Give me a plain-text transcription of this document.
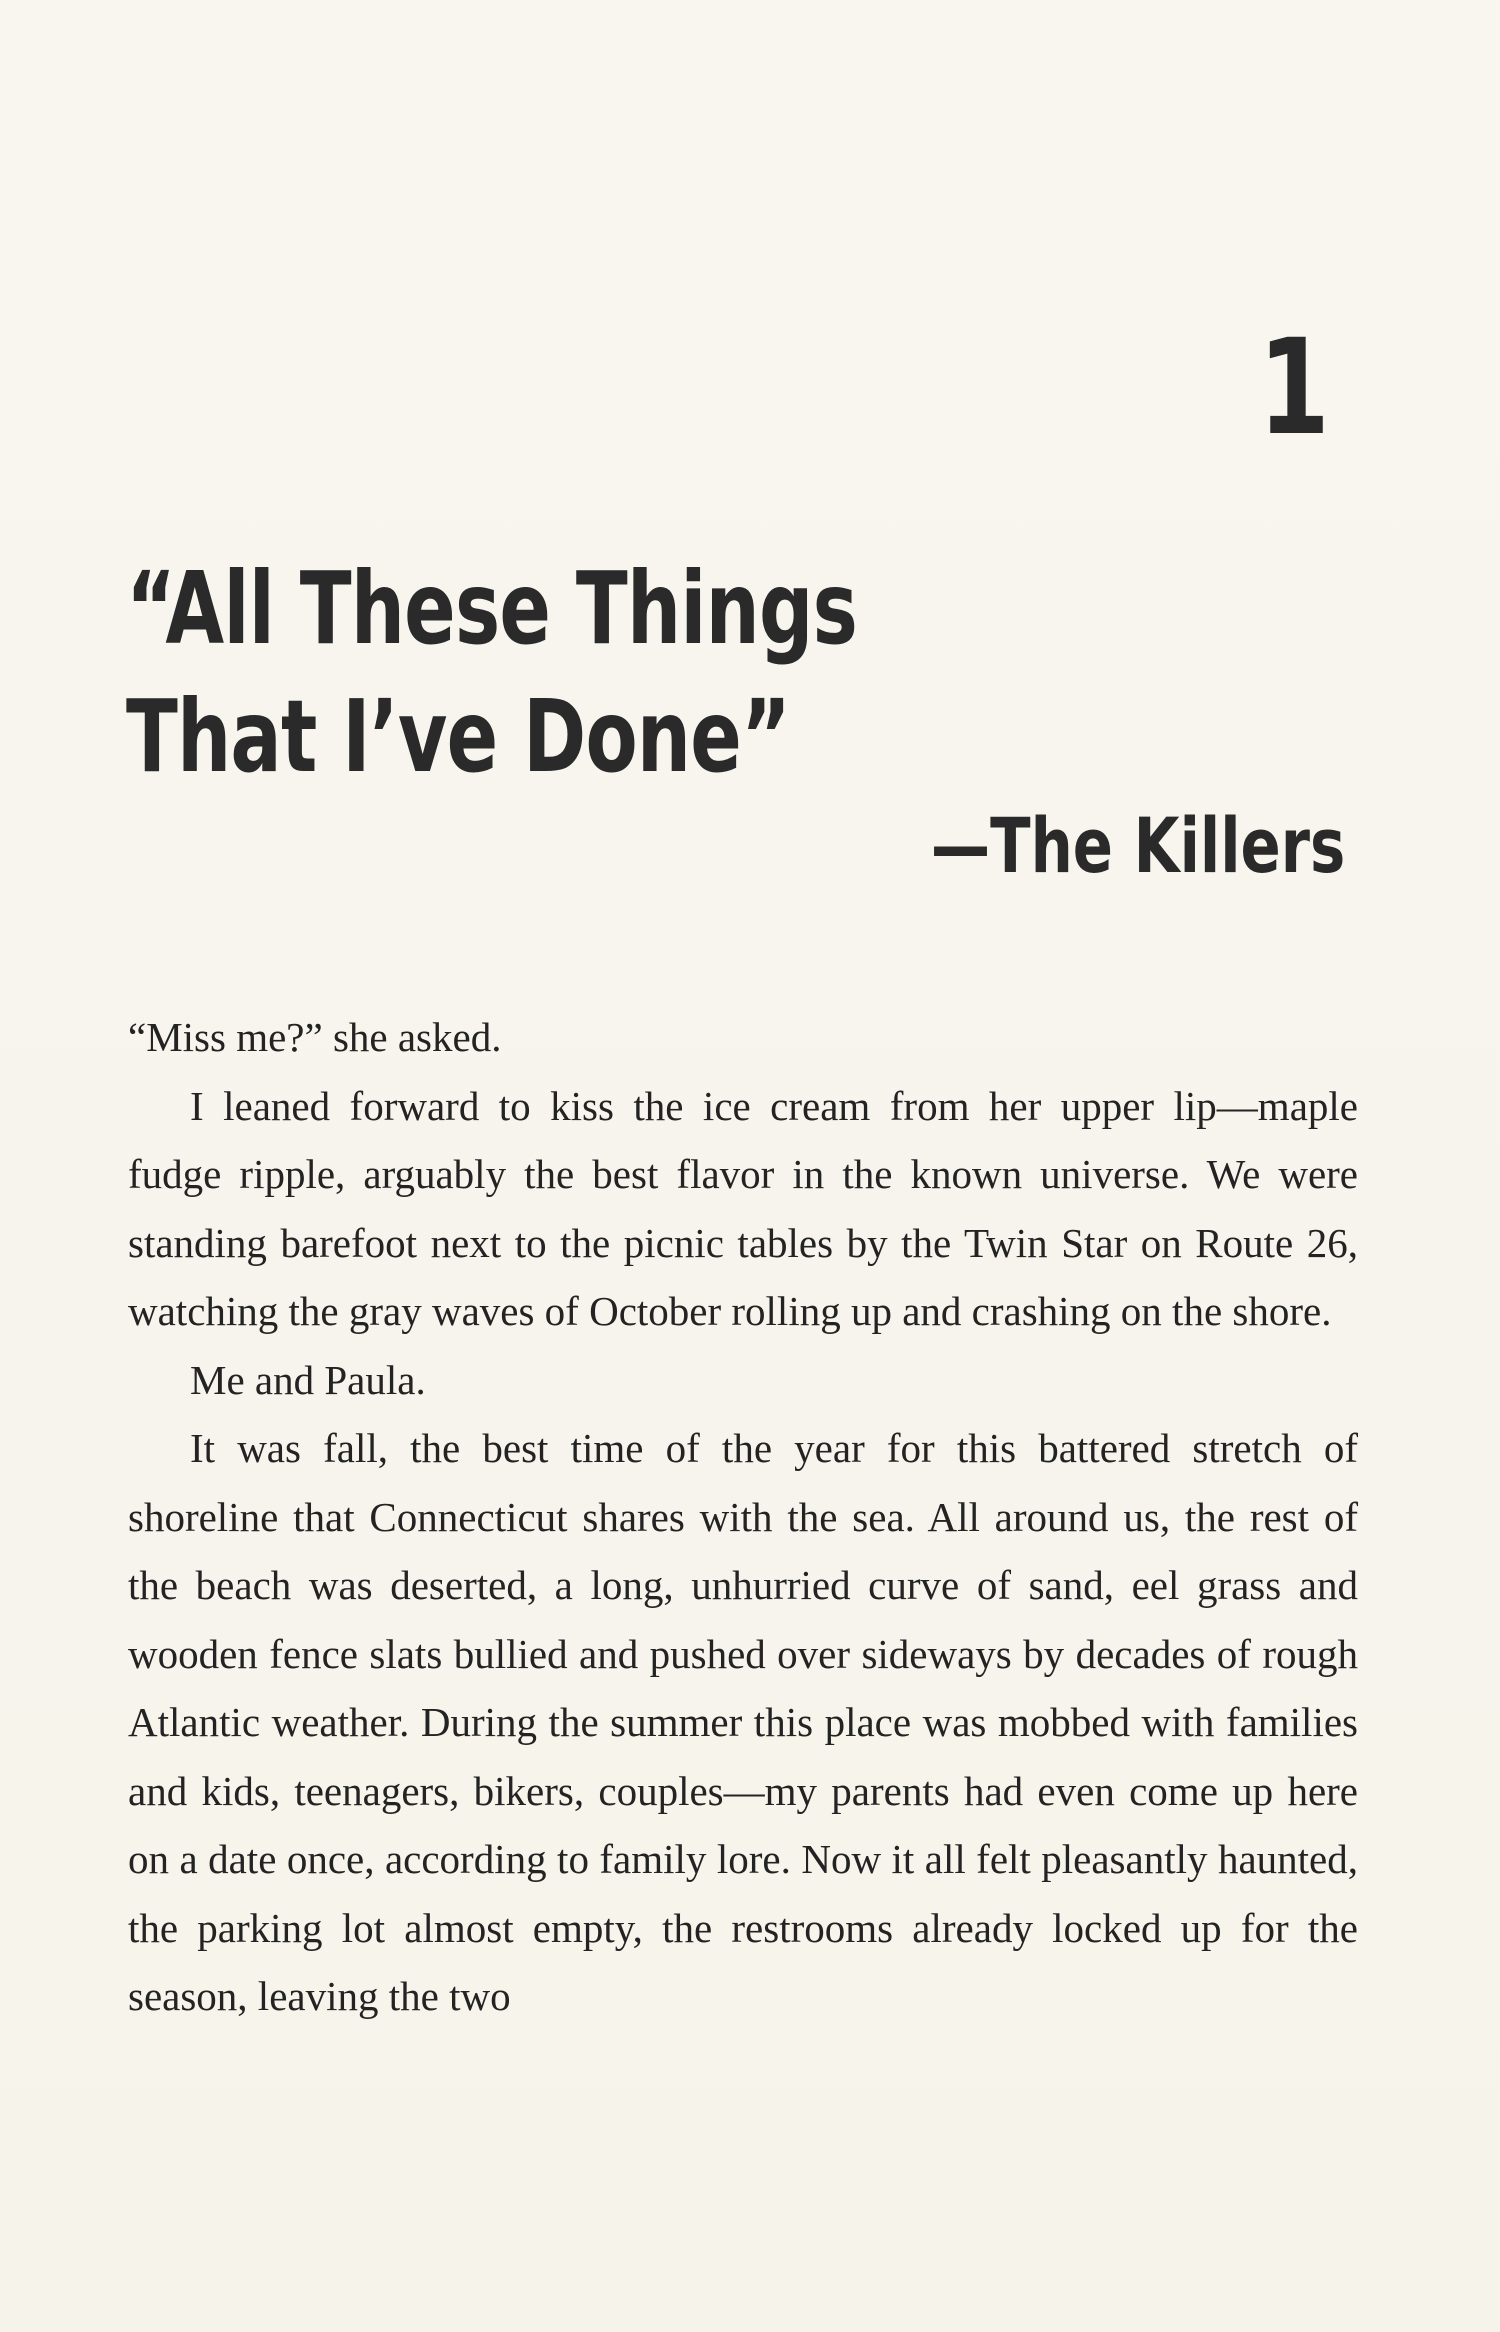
1
“All These Things That I’ve Done”
—The Killers

“Miss me?” she asked.

I leaned forward to kiss the ice cream from her upper lip—maple fudge ripple, arguably the best flavor in the known universe. We were standing barefoot next to the picnic tables by the Twin Star on Route 26, watching the gray waves of October rolling up and crashing on the shore.

Me and Paula.

It was fall, the best time of the year for this battered stretch of shoreline that Connecticut shares with the sea. All around us, the rest of the beach was deserted, a long, unhurried curve of sand, eel grass and wooden fence slats bullied and pushed over sideways by decades of rough Atlantic weather. During the summer this place was mobbed with families and kids, teenagers, bikers, couples—my parents had even come up here on a date once, according to family lore. Now it all felt pleasantly haunted, the parking lot almost empty, the restrooms already locked up for the season, leaving the two
